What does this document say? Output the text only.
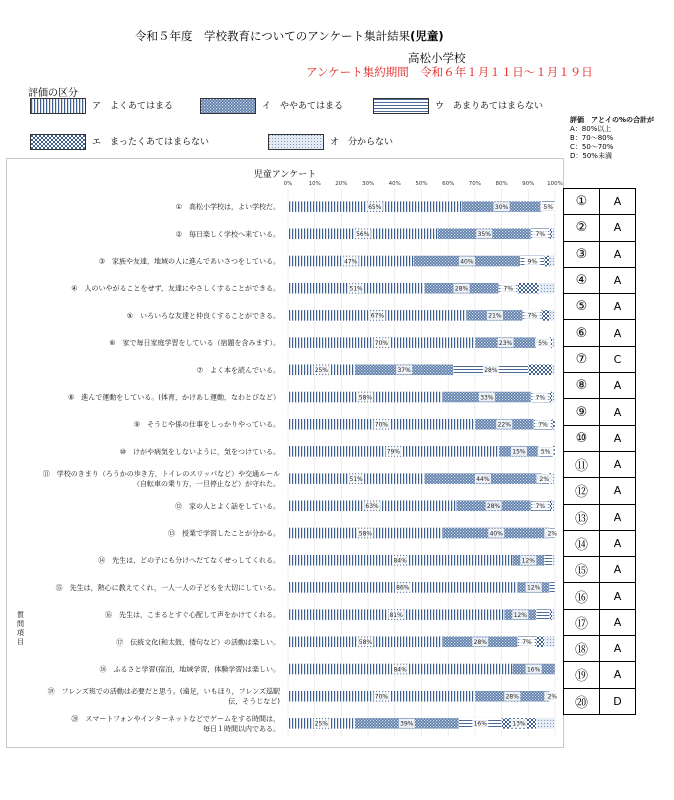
令和５年度　学校教育についてのアンケート集計結果(児童)
高松小学校
アンケート集約期間　令和６年１月１１日～１月１９日
評価の区分
ア　 よくあてはまる	イ　 ややあてはまる	ウ　 あまりあてはまらない
エ　 まったくあてはまらない	オ　 分からない
評価　アとイの%の合計が
A：80%以上
B：70～80%
C：50～70%
D：50%未満
児童アンケート
質問項目
0%	10%	20%	30%	40%	50%	60%	70%	80%	90% 100%
①　高松小学校は，よい学校だ。	65%	30%	5%
②　毎日楽しく学校へ来ている。	56%	35%	7%
③　家族や友達，地域の人に進んであいさつをしている。	47%	40%	9%
④　人のいやがることをせず，友達にやさしくすることができる。	51%	28%	7%
⑤　いろいろな友達と仲良くすることができる。	67%	21%	7%
⑥　家で毎日家庭学習をしている（宿題を含みます）。	70%	23%	5%
⑦　よく本を読んでいる。	25%	37%	28%
⑧　進んで運動をしている。(体育，かけあし運動，なわとびなど）	58%	33%	7%
⑨　そうじや係の仕事をしっかりやっている。	70%	22%	7%
⑩　けがや病気をしないように，気をつけている。	79%	15%	5%
⑪　学校のきまり（ろうかの歩き方，トイレのスリッパなど）や交通ルール
（自転車の乗り方，一旦停止など）が守れた。
51%	44%	2%
⑫　家の人とよく話をしている。	63%	28%	7%
⑬　授業で学習したことが分かる。	58%	40%	2%
⑭　先生は，どの子にも分けへだてなくせっしてくれる。	84%	12%
⑮　先生は，熱心に教えてくれ，一人一人の子どもを大切にしている。	86%	12%
⑯　先生は，こまるとすぐ心配して声をかけてくれる。	81%	12%
⑰　伝統文化(和太鼓，倭句など）の活動は楽しい。	58%	28%	7%
⑱　ふるさと学習(宿泊，地域学習，体験学習)は楽しい。	84%	16%
⑲　フレンズ班での活動は必要だと思う。(遠足，いもほり，フレンズ巡駅
伝，そうじなど)
70%	28%	2%
⑳　スマートフォンやインターネットなどでゲームをする時間は，
毎日１時間以内である。
25%	39%	16%	13%
①	A
②	A
③	A
④	A
⑤	A
⑥	A
⑦	C
⑧	A
⑨	A
⑩	A
⑪	A
⑫	A
⑬	A
⑭	A
⑮	A
⑯	A
⑰	A
⑱	A
⑲	A
⑳	D
